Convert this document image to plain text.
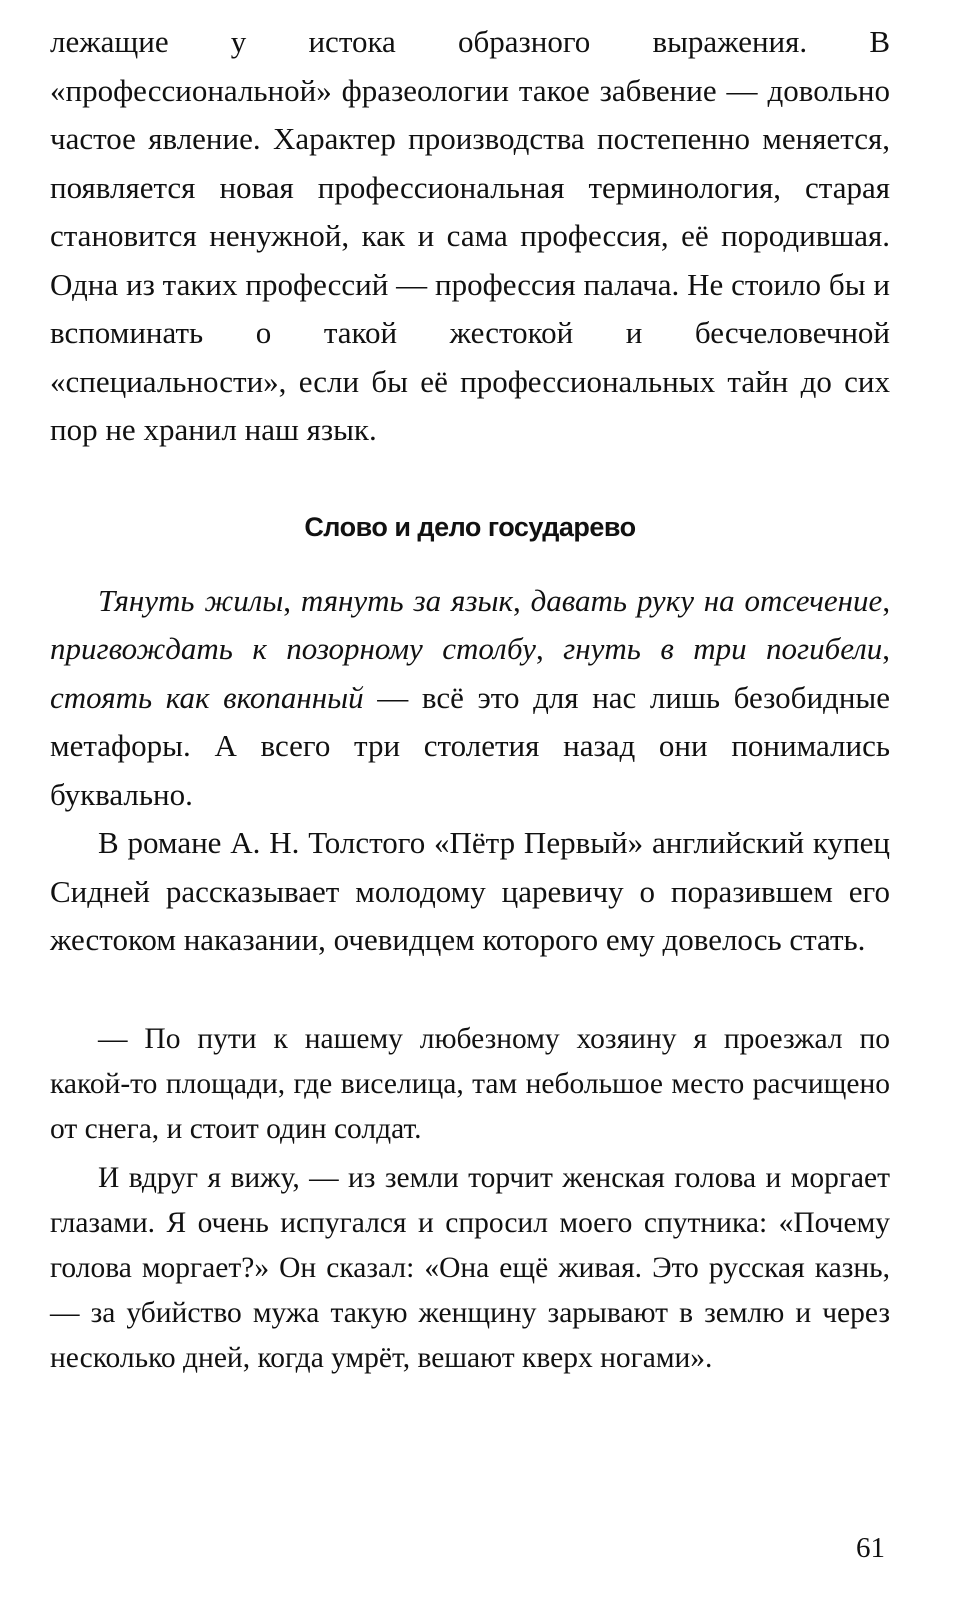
лежащие у истока образного выражения. В «профессиональной» фразеологии такое забвение — довольно частое явление. Характер производства постепенно меняется, появляется новая профессиональная терминология, старая становится ненужной, как и сама профессия, её породившая. Одна из таких профессий — профессия палача. Не стоило бы и вспоминать о такой жестокой и бесчеловечной «специальности», если бы её профессиональных тайн до сих пор не хранил наш язык.

Слово и дело государево

Тянуть жилы, тянуть за язык, давать руку на отсечение, пригвождать к позорному столбу, гнуть в три погибели, стоять как вкопанный — всё это для нас лишь безобидные метафоры. А всего три столетия назад они понимались буквально.

В романе А. Н. Толстого «Пётр Первый» английский купец Сидней рассказывает молодому царевичу о поразившем его жестоком наказании, очевидцем которого ему довелось стать.

— По пути к нашему любезному хозяину я проезжал по какой-то площади, где виселица, там небольшое место расчищено от снега, и стоит один солдат.

И вдруг я вижу, — из земли торчит женская голова и моргает глазами. Я очень испугался и спросил моего спутника: «Почему голова моргает?» Он сказал: «Она ещё живая. Это русская казнь, — за убийство мужа такую женщину зарывают в землю и через несколько дней, когда умрёт, вешают кверх ногами».

61
